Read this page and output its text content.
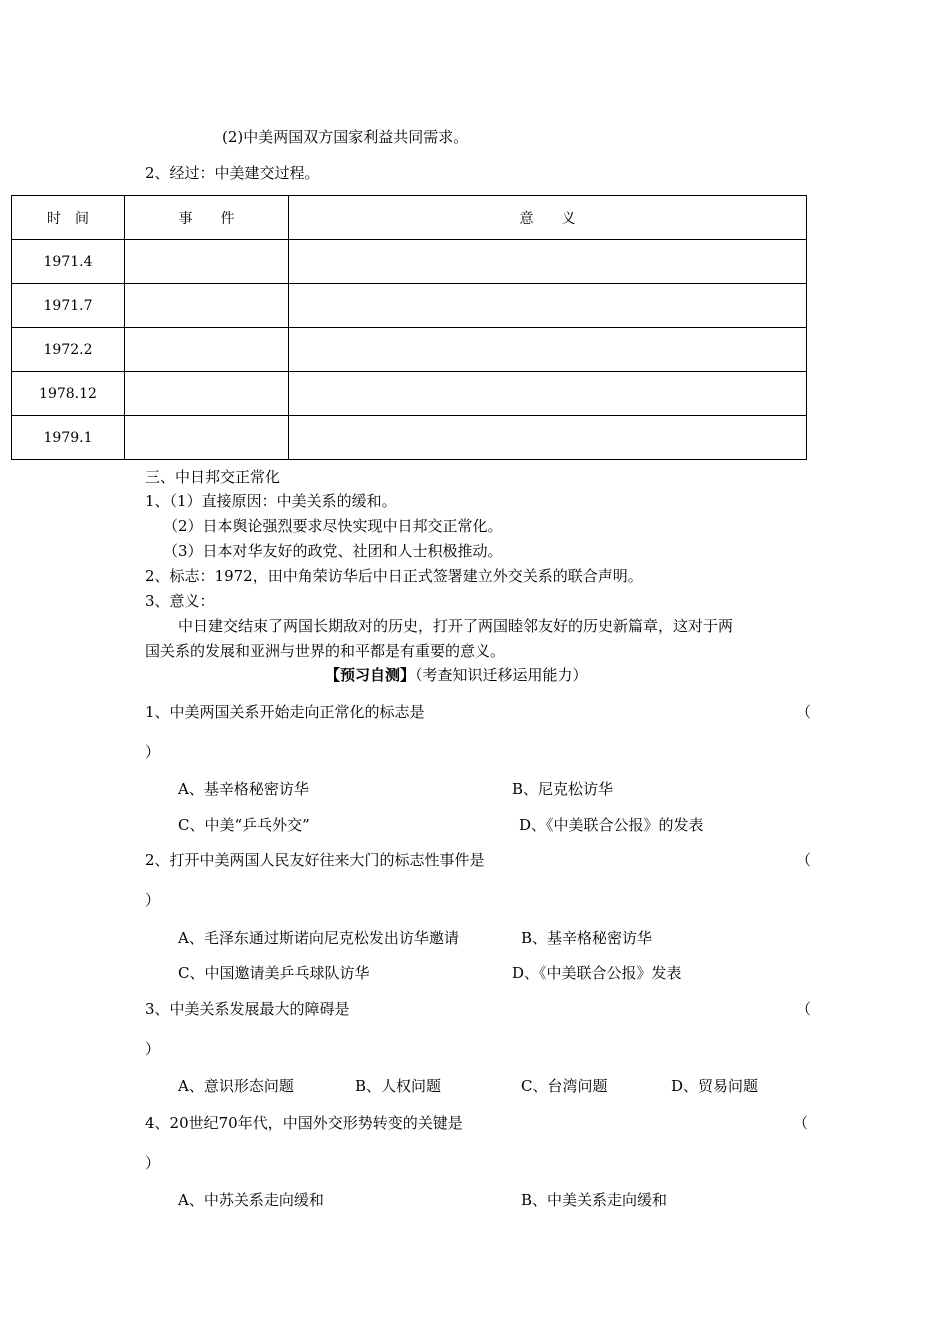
(2)中美两国双方国家利益共同需求。
2、经过：中美建交过程。
时　间	事　　件	意　　义
1971.4		
1971.7		
1972.2		
1978.12		
1979.1		
三、中日邦交正常化
1、（1）直接原因：中美关系的缓和。
（2）日本舆论强烈要求尽快实现中日邦交正常化。
（3）日本对华友好的政党、社团和人士积极推动。
2、标志：1972，田中角荣访华后中日正式签署建立外交关系的联合声明。
3、意义：
中日建交结束了两国长期敌对的历史，打开了两国睦邻友好的历史新篇章，这对于两
国关系的发展和亚洲与世界的和平都是有重要的意义。
【预习自测】（考查知识迁移运用能力）
1、中美两国关系开始走向正常化的标志是	（
）
A、基辛格秘密访华	B、尼克松访华
C、中美“乒乓外交”	D、《中美联合公报》的发表
2、打开中美两国人民友好往来大门的标志性事件是	（
）
A、毛泽东通过斯诺向尼克松发出访华邀请	B、基辛格秘密访华
C、中国邀请美乒乓球队访华	D、《中美联合公报》发表
3、中美关系发展最大的障碍是	（
）
A、意识形态问题	B、人权问题	C、台湾问题	D、贸易问题
4、20世纪70年代，中国外交形势转变的关键是	（
）
A、中苏关系走向缓和	B、中美关系走向缓和
